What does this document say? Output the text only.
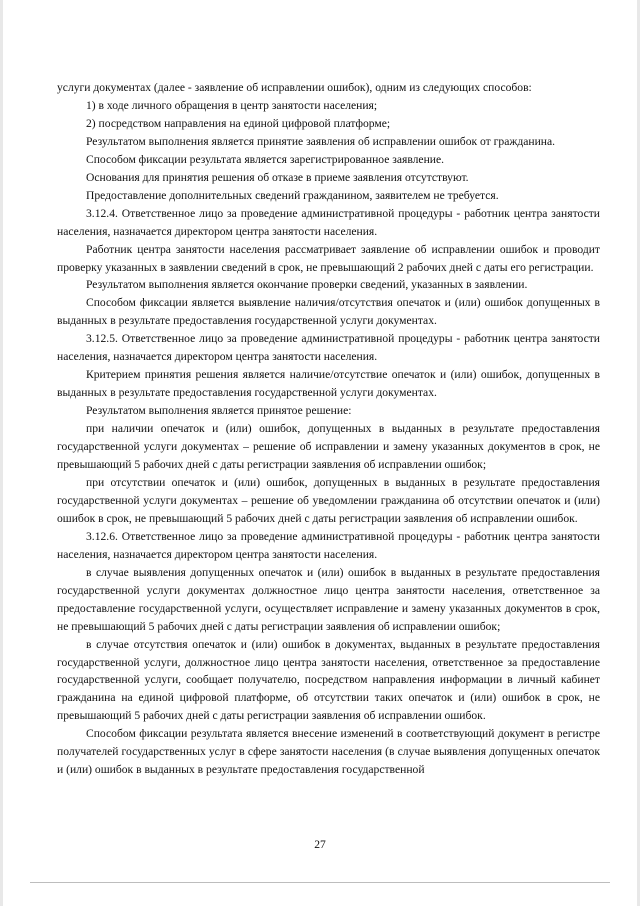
услуги документах (далее - заявление об исправлении ошибок), одним из следующих способов:

1) в ходе личного обращения в центр занятости населения;

2) посредством направления на единой цифровой платформе;

Результатом выполнения является принятие заявления об исправлении ошибок от гражданина.

Способом фиксации результата является зарегистрированное заявление.

Основания для принятия решения об отказе в приеме заявления отсутствуют.

Предоставление дополнительных сведений гражданином, заявителем не требуется.

3.12.4. Ответственное лицо за проведение административной процедуры - работник центра занятости населения, назначается директором центра занятости населения.

Работник центра занятости населения рассматривает заявление об исправлении ошибок и проводит проверку указанных в заявлении сведений в срок, не превышающий 2 рабочих дней с даты его регистрации.

Результатом выполнения является окончание проверки сведений, указанных в заявлении.

Способом фиксации является выявление наличия/отсутствия опечаток и (или) ошибок допущенных в выданных в результате предоставления государственной услуги документах.

3.12.5. Ответственное лицо за проведение административной процедуры - работник центра занятости населения, назначается директором центра занятости населения.

Критерием принятия решения является наличие/отсутствие опечаток и (или) ошибок, допущенных в выданных в результате предоставления государственной услуги документах.

Результатом выполнения является принятое решение:

при наличии опечаток и (или) ошибок, допущенных в выданных в результате предоставления государственной услуги документах – решение об исправлении и замену указанных документов в срок, не превышающий 5 рабочих дней с даты регистрации заявления об исправлении ошибок;

при отсутствии опечаток и (или) ошибок, допущенных в выданных в результате предоставления государственной услуги документах – решение об уведомлении гражданина об отсутствии опечаток и (или) ошибок в срок, не превышающий 5 рабочих дней с даты регистрации заявления об исправлении ошибок.

3.12.6. Ответственное лицо за проведение административной процедуры - работник центра занятости населения, назначается директором центра занятости населения.

в случае выявления допущенных опечаток и (или) ошибок в выданных в результате предоставления государственной услуги документах должностное лицо центра занятости населения, ответственное за предоставление государственной услуги, осуществляет исправление и замену указанных документов в срок, не превышающий 5 рабочих дней с даты регистрации заявления об исправлении ошибок;

в случае отсутствия опечаток и (или) ошибок в документах, выданных в результате предоставления государственной услуги, должностное лицо центра занятости населения, ответственное за предоставление государственной услуги, сообщает получателю, посредством направления информации в личный кабинет гражданина на единой цифровой платформе, об отсутствии таких опечаток и (или) ошибок в срок, не превышающий 5 рабочих дней с даты регистрации заявления об исправлении ошибок.

Способом фиксации результата является внесение изменений в соответствующий документ в регистре получателей государственных услуг в сфере занятости населения (в случае выявления допущенных опечаток и (или) ошибок в выданных в результате предоставления государственной

27
